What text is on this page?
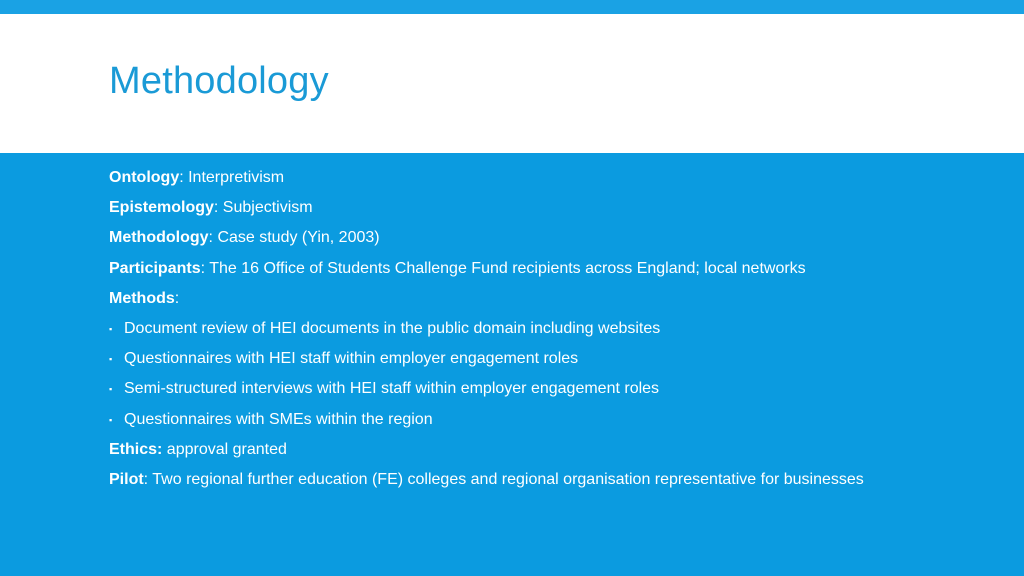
Methodology
Ontology: Interpretivism
Epistemology: Subjectivism
Methodology: Case study (Yin, 2003)
Participants: The 16 Office of Students Challenge Fund recipients across England; local networks
Methods:
▪ Document review of HEI documents in the public domain including websites
▪ Questionnaires with HEI staff within employer engagement roles
▪ Semi-structured interviews with HEI staff within employer engagement roles
▪ Questionnaires with SMEs within the region
Ethics: approval granted
Pilot: Two regional further education (FE) colleges and regional organisation representative for businesses
